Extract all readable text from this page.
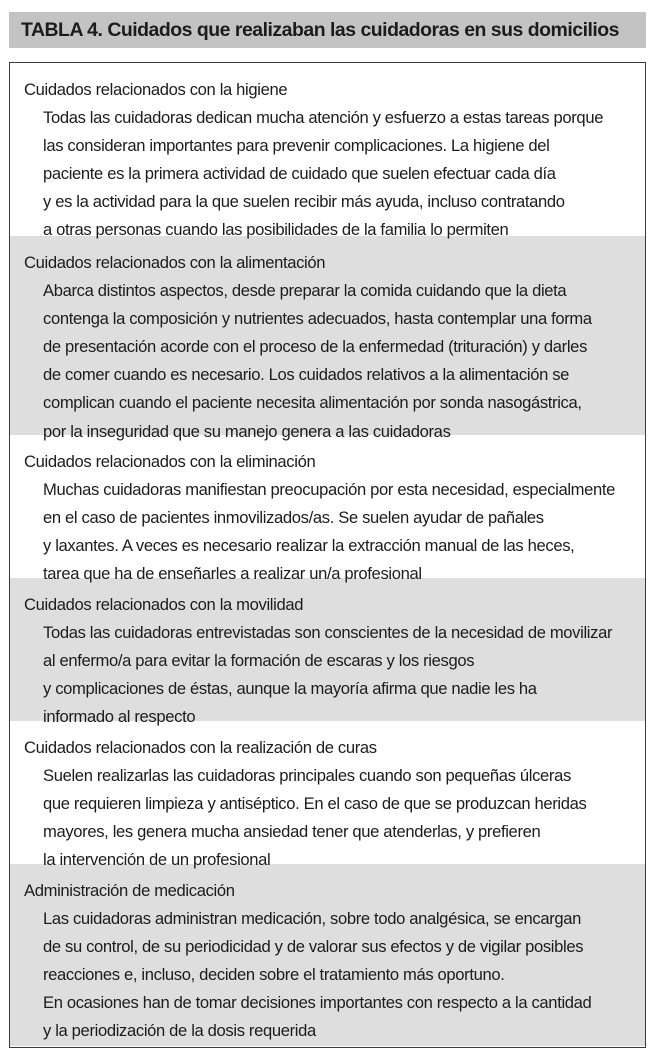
TABLA 4. Cuidados que realizaban las cuidadoras en sus domicilios
Cuidados relacionados con la higiene
Todas las cuidadoras dedican mucha atención y esfuerzo a estas tareas porque
las consideran importantes para prevenir complicaciones. La higiene del
paciente es la primera actividad de cuidado que suelen efectuar cada día
y es la actividad para la que suelen recibir más ayuda, incluso contratando
a otras personas cuando las posibilidades de la familia lo permiten
Cuidados relacionados con la alimentación
Abarca distintos aspectos, desde preparar la comida cuidando que la dieta
contenga la composición y nutrientes adecuados, hasta contemplar una forma
de presentación acorde con el proceso de la enfermedad (trituración) y darles
de comer cuando es necesario. Los cuidados relativos a la alimentación se
complican cuando el paciente necesita alimentación por sonda nasogástrica,
por la inseguridad que su manejo genera a las cuidadoras
Cuidados relacionados con la eliminación
Muchas cuidadoras manifiestan preocupación por esta necesidad, especialmente
en el caso de pacientes inmovilizados/as. Se suelen ayudar de pañales
y laxantes. A veces es necesario realizar la extracción manual de las heces,
tarea que ha de enseñarles a realizar un/a profesional
Cuidados relacionados con la movilidad
Todas las cuidadoras entrevistadas son conscientes de la necesidad de movilizar
al enfermo/a para evitar la formación de escaras y los riesgos
y complicaciones de éstas, aunque la mayoría afirma que nadie les ha
informado al respecto
Cuidados relacionados con la realización de curas
Suelen realizarlas las cuidadoras principales cuando son pequeñas úlceras
que requieren limpieza y antiséptico. En el caso de que se produzcan heridas
mayores, les genera mucha ansiedad tener que atenderlas, y prefieren
la intervención de un profesional
Administración de medicación
Las cuidadoras administran medicación, sobre todo analgésica, se encargan
de su control, de su periodicidad y de valorar sus efectos y de vigilar posibles
reacciones e, incluso, deciden sobre el tratamiento más oportuno.
En ocasiones han de tomar decisiones importantes con respecto a la cantidad
y la periodización de la dosis requerida
